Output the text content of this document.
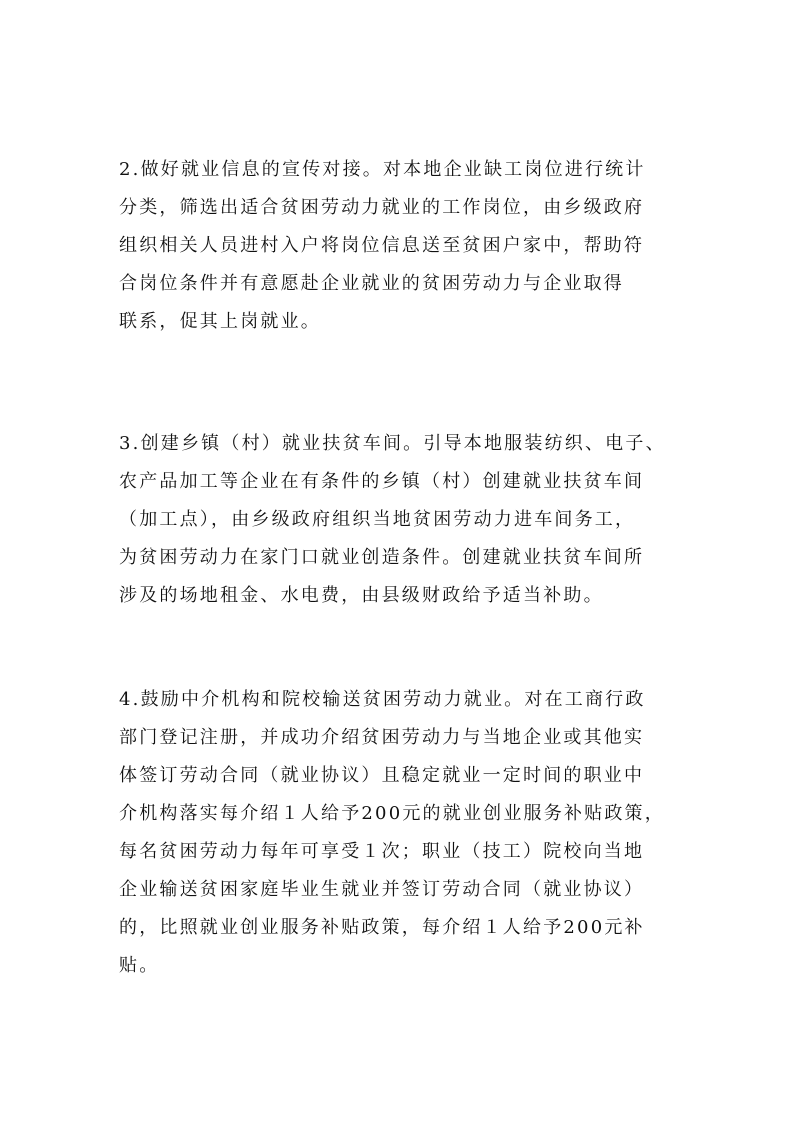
2.做好就业信息的宣传对接。对本地企业缺工岗位进行统计
分类，筛选出适合贫困劳动力就业的工作岗位，由乡级政府
组织相关人员进村入户将岗位信息送至贫困户家中，帮助符
合岗位条件并有意愿赴企业就业的贫困劳动力与企业取得
联系，促其上岗就业。

3.创建乡镇（村）就业扶贫车间。引导本地服装纺织、电子、
农产品加工等企业在有条件的乡镇（村）创建就业扶贫车间
（加工点），由乡级政府组织当地贫困劳动力进车间务工，
为贫困劳动力在家门口就业创造条件。创建就业扶贫车间所
涉及的场地租金、水电费，由县级财政给予适当补助。

4.鼓励中介机构和院校输送贫困劳动力就业。对在工商行政
部门登记注册，并成功介绍贫困劳动力与当地企业或其他实
体签订劳动合同（就业协议）且稳定就业一定时间的职业中
介机构落实每介绍１人给予200元的就业创业服务补贴政策，
每名贫困劳动力每年可享受１次；职业（技工）院校向当地
企业输送贫困家庭毕业生就业并签订劳动合同（就业协议）
的，比照就业创业服务补贴政策，每介绍１人给予200元补
贴。
